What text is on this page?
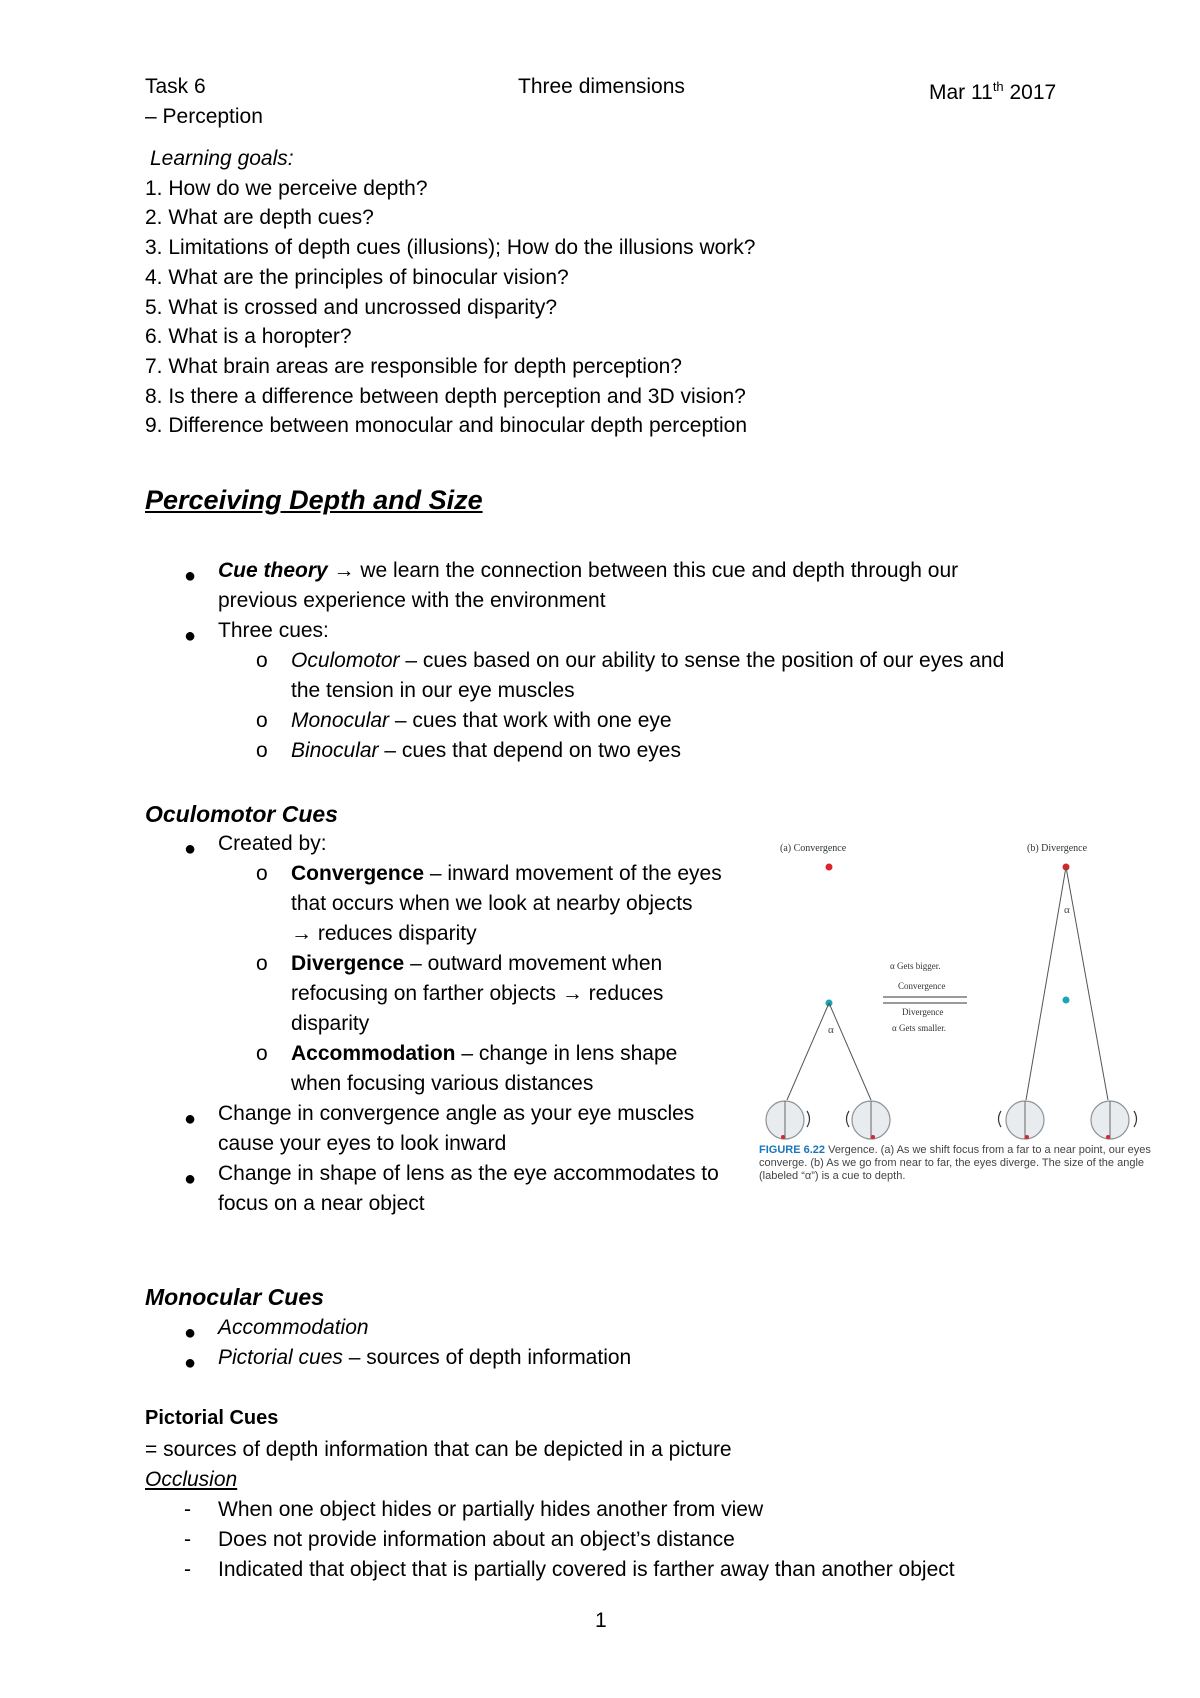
Task 6	Three dimensions	Mar 11th 2017
– Perception
Learning goals:
1. How do we perceive depth?
2. What are depth cues?
3. Limitations of depth cues (illusions); How do the illusions work?
4. What are the principles of binocular vision?
5. What is crossed and uncrossed disparity?
6. What is a horopter?
7. What brain areas are responsible for depth perception?
8. Is there a difference between depth perception and 3D vision?
9. Difference between monocular and binocular depth perception
Perceiving Depth and Size
● Cue theory → we learn the connection between this cue and depth through our
previous experience with the environment
● Three cues:
o Oculomotor – cues based on our ability to sense the position of our eyes and
the tension in our eye muscles
o Monocular – cues that work with one eye
o Binocular – cues that depend on two eyes
Oculomotor Cues
● Created by:
o Convergence – inward movement of the eyes
that occurs when we look at nearby objects
→ reduces disparity
o Divergence – outward movement when
refocusing on farther objects → reduces
disparity
o Accommodation – change in lens shape
when focusing various distances
● Change in convergence angle as your eye muscles
cause your eyes to look inward
● Change in shape of lens as the eye accommodates to
focus on a near object
(a) Convergence	(b) Divergence
α
α Gets bigger.
Convergence
Divergence
α Gets smaller.
α
FIGURE 6.22 Vergence. (a) As we shift focus from a far to a near point, our eyes
converge. (b) As we go from near to far, the eyes diverge. The size of the angle
(labeled “α”) is a cue to depth.
Monocular Cues
● Accommodation
● Pictorial cues – sources of depth information
Pictorial Cues
= sources of depth information that can be depicted in a picture
Occlusion
- When one object hides or partially hides another from view
- Does not provide information about an object’s distance
- Indicated that object that is partially covered is farther away than another object
1
